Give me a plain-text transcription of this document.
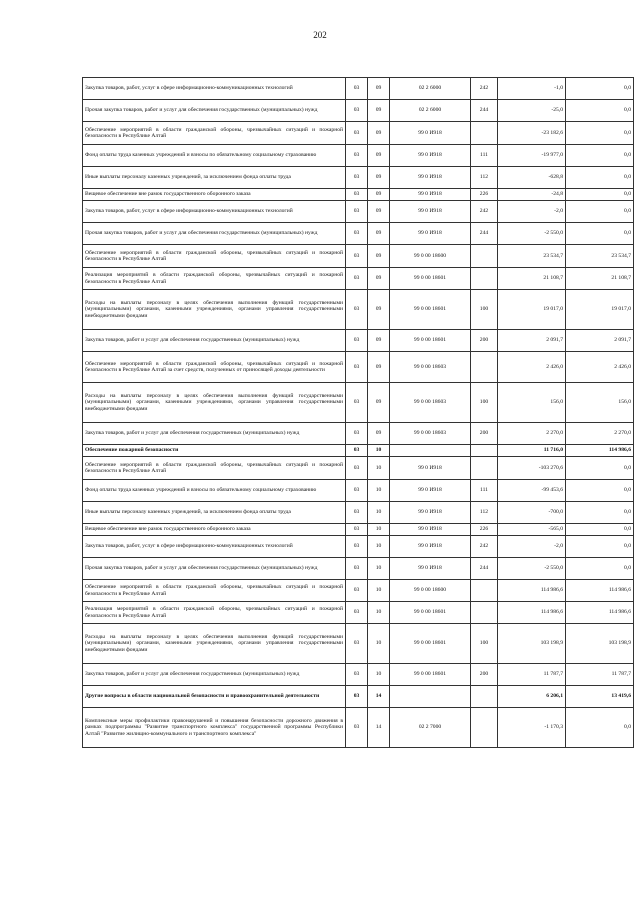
202
Закупка товаров, работ, услуг в сфере информационно-коммуникационных технологий	03	09	02 2 6000	242	-1,0	0,0
Прочая закупка товаров, работ и услуг для обеспечения государственных (муниципальных) нужд	03	09	02 2 6000	244	-25,0	0,0
Обеспечение мероприятий в области гражданской обороны, чрезвычайных ситуаций и пожарной безопасности в Республике Алтай	03	09	99 0 И918		-23 182,6	0,0
Фонд оплаты труда казенных учреждений и взносы по обязательному социальному страхованию	03	09	99 0 И918	111	-19 977,0	0,0
Иные выплаты персоналу казенных учреждений, за исключением фонда оплаты труда	03	09	99 0 И918	112	-628,8	0,0
Вещевое обеспечение вне рамок государственного оборонного заказа	03	09	99 0 И918	226	-24,8	0,0
Закупка товаров, работ, услуг в сфере информационно-коммуникационных технологий	03	09	99 0 И918	242	-2,0	0,0
Прочая закупка товаров, работ и услуг для обеспечения государственных (муниципальных) нужд	03	09	99 0 И918	244	-2 550,0	0,0
Обеспечение мероприятий в области гражданской обороны, чрезвычайных ситуаций и пожарной безопасности в Республике Алтай	03	09	99 0 00 18600		23 534,7	23 534,7
Реализация мероприятий в области гражданской обороны, чрезвычайных ситуаций и пожарной безопасности в Республике Алтай	03	09	99 0 00 18601		21 108,7	21 108,7
Расходы на выплаты персоналу в целях обеспечения выполнения функций государственными (муниципальными) органами, казенными учреждениями, органами управления государственными внебюджетными фондами	03	09	99 0 00 18601	100	19 017,0	19 017,0
Закупка товаров, работ и услуг для обеспечения государственных (муниципальных) нужд	03	09	99 0 00 18601	200	2 091,7	2 091,7
Обеспечение мероприятий в области гражданской обороны, чрезвычайных ситуаций и пожарной безопасности в Республике Алтай за счет средств, полученных от приносящей доходы деятельности	03	09	99 0 00 18603		2 426,0	2 426,0
Расходы на выплаты персоналу в целях обеспечения выполнения функций государственными (муниципальными) органами, казенными учреждениями, органами управления государственными внебюджетными фондами	03	09	99 0 00 18603	100	156,0	156,0
Закупка товаров, работ и услуг для обеспечения государственных (муниципальных) нужд	03	09	99 0 00 18603	200	2 270,0	2 270,0
Обеспечение пожарной безопасности	03	10			11 716,0	114 986,6
Обеспечение мероприятий в области гражданской обороны, чрезвычайных ситуаций и пожарной безопасности в Республике Алтай	03	10	99 0 И918		-103 270,6	0,0
Фонд оплаты труда казенных учреждений и взносы по обязательному социальному страхованию	03	10	99 0 И918	111	-99 453,6	0,0
Иные выплаты персоналу казенных учреждений, за исключением фонда оплаты труда	03	10	99 0 И918	112	-700,0	0,0
Вещевое обеспечение вне рамок государственного оборонного заказа	03	10	99 0 И918	226	-565,0	0,0
Закупка товаров, работ, услуг в сфере информационно-коммуникационных технологий	03	10	99 0 И918	242	-2,0	0,0
Прочая закупка товаров, работ и услуг для обеспечения государственных (муниципальных) нужд	03	10	99 0 И918	244	-2 550,0	0,0
Обеспечение мероприятий в области гражданской обороны, чрезвычайных ситуаций и пожарной безопасности в Республике Алтай	03	10	99 0 00 18600		114 986,6	114 986,6
Реализация мероприятий в области гражданской обороны, чрезвычайных ситуаций и пожарной безопасности в Республике Алтай	03	10	99 0 00 18601		114 986,6	114 986,6
Расходы на выплаты персоналу в целях обеспечения выполнения функций государственными (муниципальными) органами, казенными учреждениями, органами управления государственными внебюджетными фондами	03	10	99 0 00 18601	100	103 198,9	103 198,9
Закупка товаров, работ и услуг для обеспечения государственных (муниципальных) нужд	03	10	99 0 00 18601	200	11 787,7	11 787,7
Другие вопросы в области национальной безопасности и правоохранительной деятельности	03	14			6 206,1	13 419,6
Комплексные меры профилактики правонарушений и повышения безопасности дорожного движения в рамках подпрограммы "Развитие транспортного комплекса" государственной программы Республики Алтай "Развитие жилищно-коммунального и транспортного комплекса"	03	14	02 2 7000		-1 170,3	0,0
